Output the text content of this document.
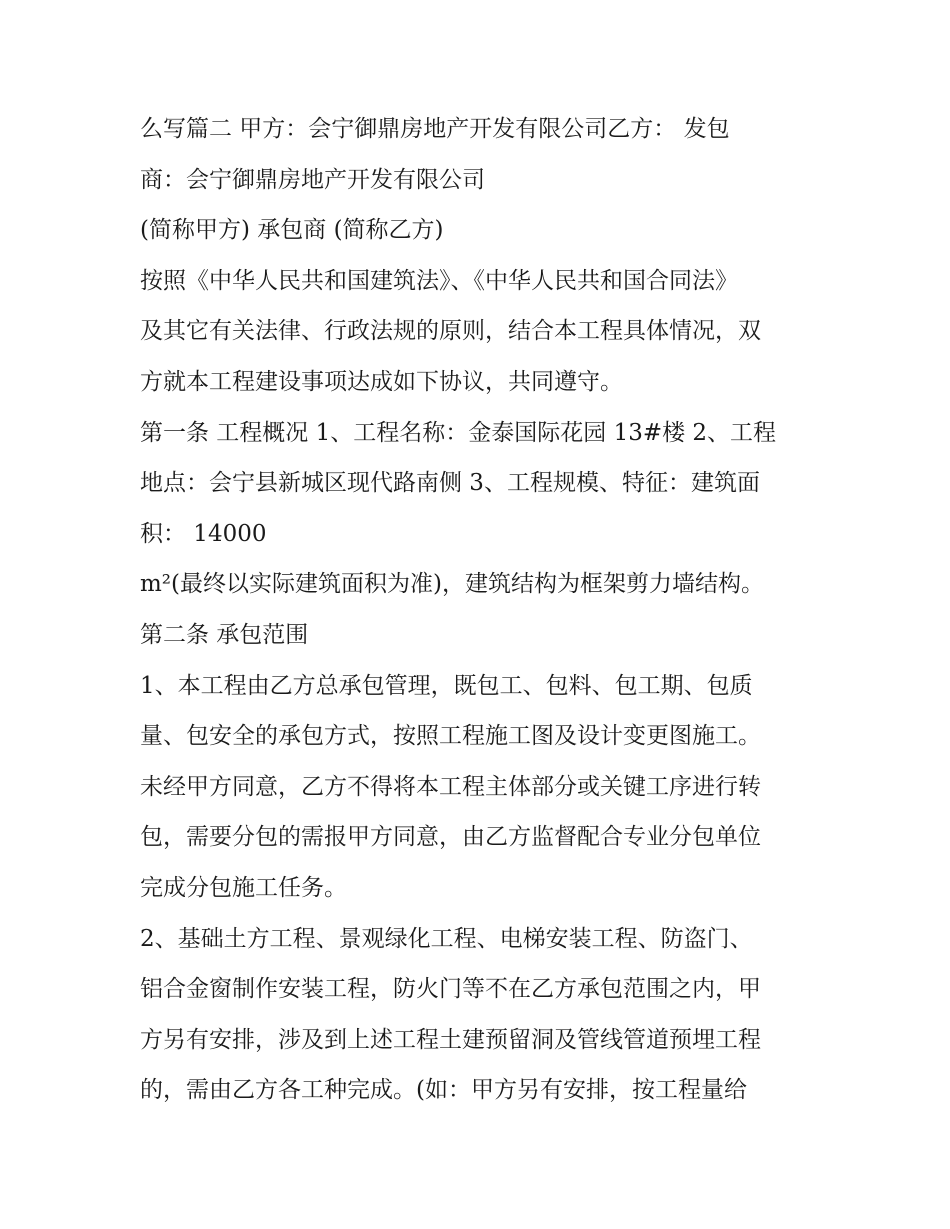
么写篇二 甲方：会宁御鼎房地产开发有限公司乙方： 发包
商：会宁御鼎房地产开发有限公司
(简称甲方) 承包商 (简称乙方)
按照《中华人民共和国建筑法》、《中华人民共和国合同法》
及其它有关法律、行政法规的原则，结合本工程具体情况，双
方就本工程建设事项达成如下协议，共同遵守。
第一条 工程概况 1、工程名称：金泰国际花园 13#楼 2、工程
地点：会宁县新城区现代路南侧 3、工程规模、特征：建筑面
积： 14000
m²(最终以实际建筑面积为准)，建筑结构为框架剪力墙结构。
第二条 承包范围
1、本工程由乙方总承包管理，既包工、包料、包工期、包质
量、包安全的承包方式，按照工程施工图及设计变更图施工。
未经甲方同意，乙方不得将本工程主体部分或关键工序进行转
包，需要分包的需报甲方同意，由乙方监督配合专业分包单位
完成分包施工任务。
2、基础土方工程、景观绿化工程、电梯安装工程、防盗门、
铝合金窗制作安装工程，防火门等不在乙方承包范围之内，甲
方另有安排，涉及到上述工程土建预留洞及管线管道预埋工程
的，需由乙方各工种完成。(如：甲方另有安排，按工程量给
